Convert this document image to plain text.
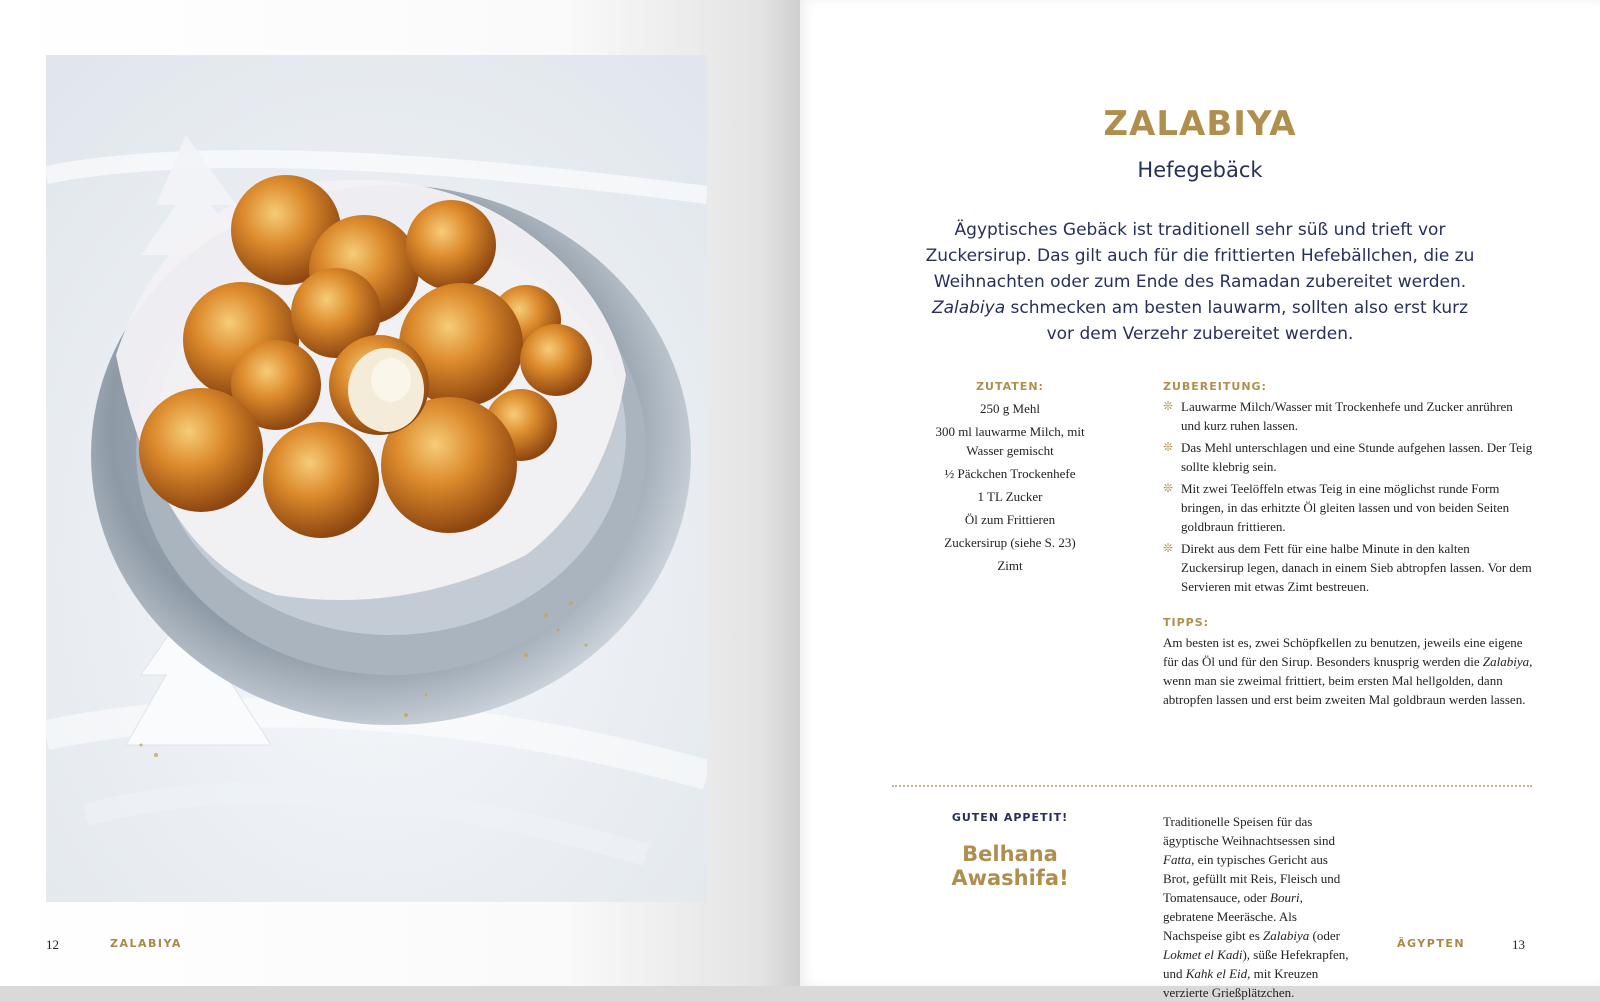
12	ZALABIYA
ZALABIYA
Hefegebäck

Ägyptisches Gebäck ist traditionell sehr süß und trieft vor Zuckersirup. Das gilt auch für die frittierten Hefebällchen, die zu Weihnachten oder zum Ende des Ramadan zubereitet werden. Zalabiya schmecken am besten lauwarm, sollten also erst kurz vor dem Verzehr zubereitet werden.

ZUTATEN:
250 g Mehl
300 ml lauwarme Milch, mit Wasser gemischt
½ Päckchen Trockenhefe
1 TL Zucker
Öl zum Frittieren
Zuckersirup (siehe S. 23)
Zimt
ZUBEREITUNG:
❊ Lauwarme Milch/Wasser mit Trockenhefe und Zucker anrühren und kurz ruhen lassen.
❊ Das Mehl unterschlagen und eine Stunde aufgehen lassen. Der Teig sollte klebrig sein.
❊ Mit zwei Teelöffeln etwas Teig in eine möglichst runde Form bringen, in das erhitzte Öl gleiten lassen und von beiden Seiten goldbraun frittieren.
❊ Direkt aus dem Fett für eine halbe Minute in den kalten Zuckersirup legen, danach in einem Sieb abtropfen lassen. Vor dem Servieren mit etwas Zimt bestreuen.
TIPPS:

Am besten ist es, zwei Schöpfkellen zu benutzen, jeweils eine eigene für das Öl und für den Sirup. Besonders knusprig werden die Zalabiya, wenn man sie zweimal frittiert, beim ersten Mal hellgolden, dann abtropfen lassen und erst beim zweiten Mal goldbraun werden lassen.

GUTEN APPETIT!
Belhana Awashifa!
Traditionelle Speisen für das ägyptische Weihnachtsessen sind Fatta, ein typisches Gericht aus Brot, gefüllt mit Reis, Fleisch und Tomatensauce, oder Bouri, gebratene Meeräsche. Als Nachspeise gibt es Zalabiya (oder Lokmet el Kadi), süße Hefekrapfen, und Kahk el Eid, mit Kreuzen verzierte Grießplätzchen.
ÄGYPTEN	13
